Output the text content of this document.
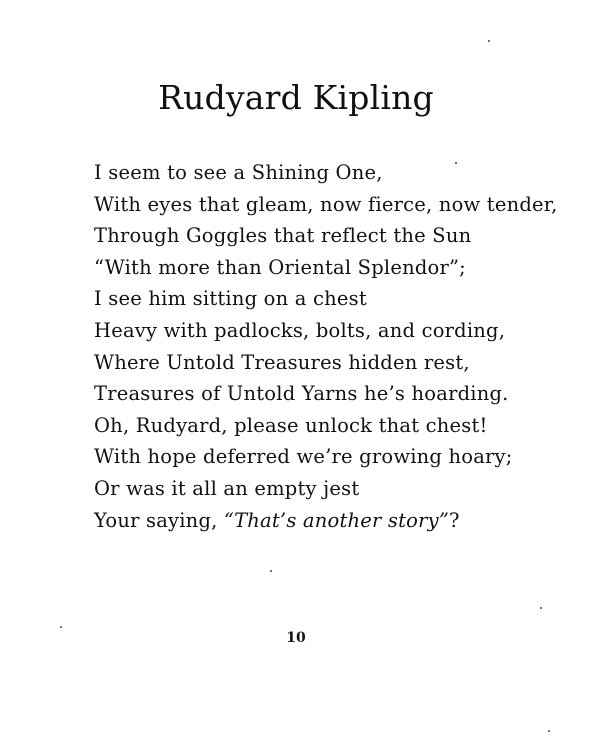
Rudyard Kipling
I seem to see a Shining One,
With eyes that gleam, now fierce, now tender,
Through Goggles that reflect the Sun
“With more than Oriental Splendor”;
I see him sitting on a chest
Heavy with padlocks, bolts, and cording,
Where Untold Treasures hidden rest,
Treasures of Untold Yarns he’s hoarding.
Oh, Rudyard, please unlock that chest!
With hope deferred we’re growing hoary;
Or was it all an empty jest
Your saying, “That’s another story”?
10
